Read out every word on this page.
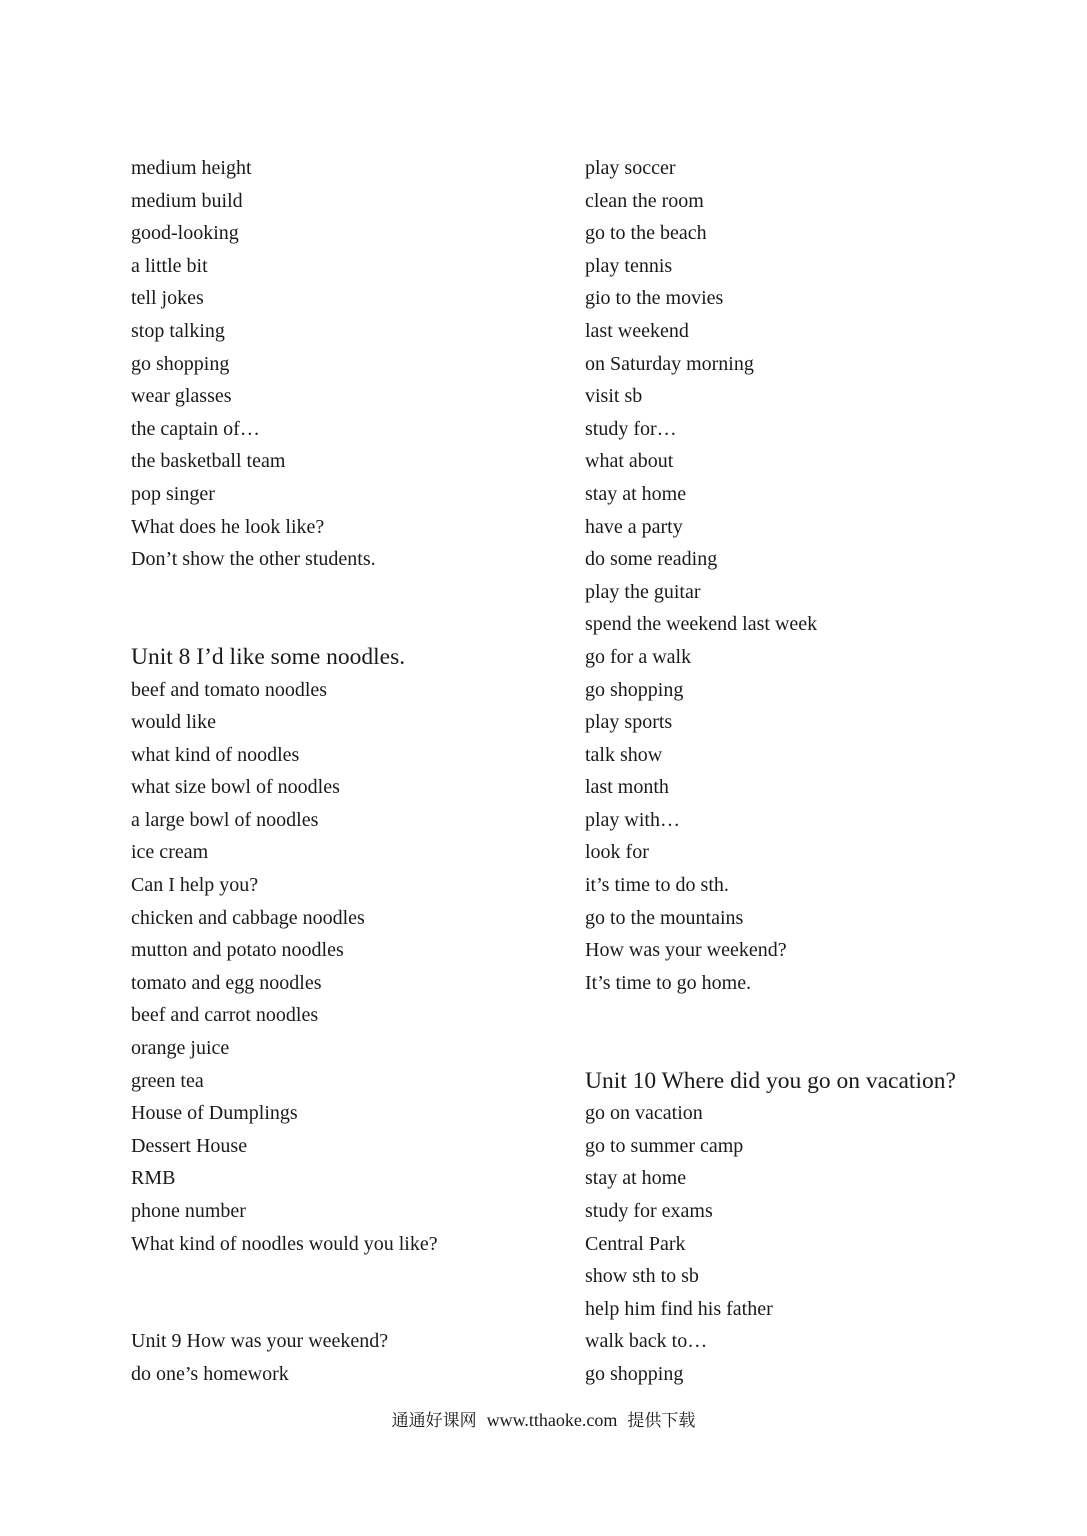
medium height
medium build
good-looking
a little bit
tell jokes
stop talking
go shopping
wear glasses
the captain of…
the basketball team
pop singer
What does he look like?
Don’t show the other students.
Unit 8 I’d like some noodles.
beef and tomato noodles
would like
what kind of noodles
what size bowl of noodles
a large bowl of noodles
ice cream
Can I help you?
chicken and cabbage noodles
mutton and potato noodles
tomato and egg noodles
beef and carrot noodles
orange juice
green tea
House of Dumplings
Dessert House
RMB
phone number
What kind of noodles would you like?
Unit 9 How was your weekend?
do one’s homework
play soccer
clean the room
go to the beach
play tennis
gio to the movies
last weekend
on Saturday morning
visit sb
study for…
what about
stay at home
have a party
do some reading
play the guitar
spend the weekend last week
go for a walk
go shopping
play sports
talk show
last month
play with…
look for
it’s time to do sth.
go to the mountains
How was your weekend?
It’s time to go home.
Unit 10 Where did you go on vacation?
go on vacation
go to summer camp
stay at home
study for exams
Central Park
show sth to sb
help him find his father
walk back to…
go shopping
通通好课网 www.tthaoke.com 提供下载
